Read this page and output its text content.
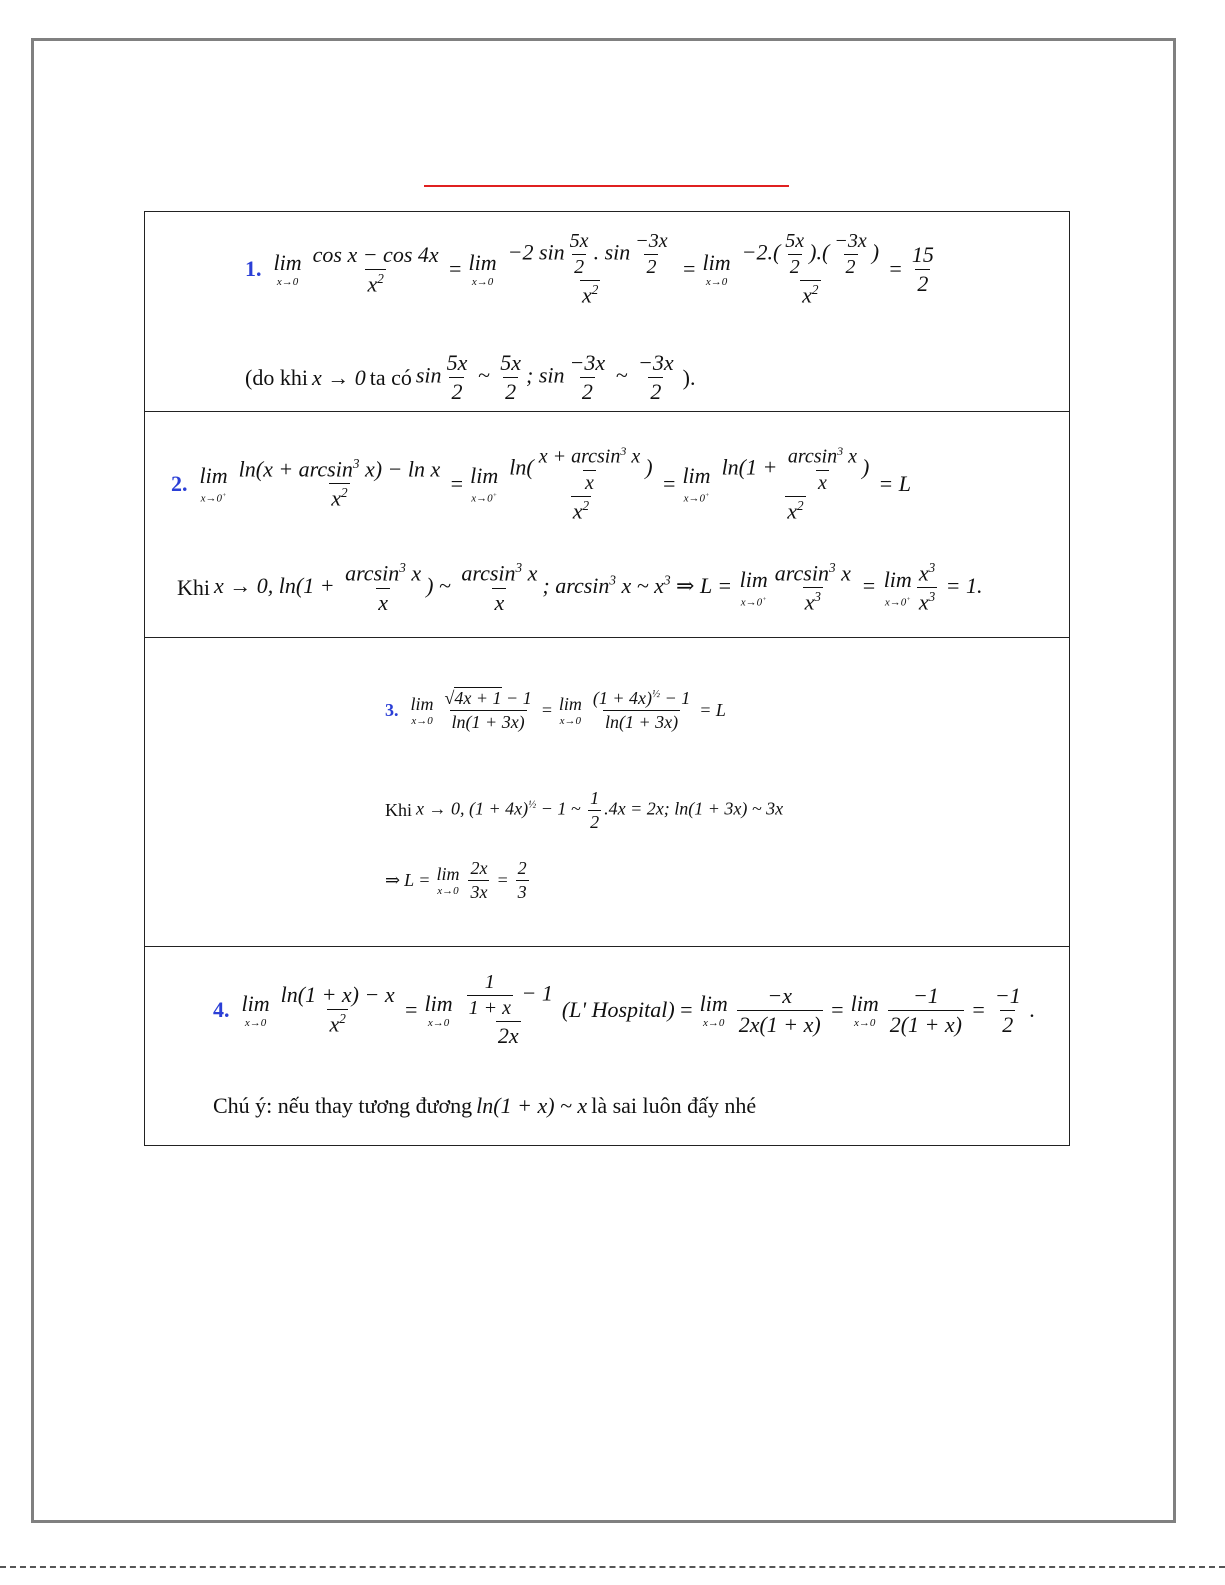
1. lim
$x\to 0 \frac{\text{cos x − cos 4x}}{x^2} = \lim$
$x\to 0 \frac{-2 \sin \frac{5x}{2} . \sin \frac{-3x}{2}}{x^2} = \lim$
$x\to 0 \frac{-2.( \frac{5x}{2} ).( \frac{-3x}{2} )}{x^2} = \frac{15}{2}$
(do khi x → 0 ta có $\sin \frac{5x}{2}$ ~ $\frac{5x}{2}$ ; $\sin \frac{-3x}{2}$ ~ $\frac{-3x}{2}$ ).
2. lim
$x\to 0^+ \frac{\ln(x + \arcsin^3 x) - \ln x}{x^2} = \lim$
$x\to 0^+ \frac{\ln( \frac{x + \arcsin^3 x}{x} )}{x^2} = \lim$
$x\to 0^+ \frac{\ln(1 + \frac{\arcsin^3 x}{x} )}{x^2} = L$
Khi x → 0, $\ln(1 + \frac{\arcsin^3 x}{x}$ ) ~ $\frac{\arcsin^3 x}{x}$ ; $\arcsin^3 x$ ~ $x^3$ ⇒ L = lim
$x\to 0^+ \frac{\arcsin^3 x}{x^3} = \lim$
$x\to 0^+ \frac{x^3}{x^3} = 1$.
3. lim
$x\to 0 \frac{√4x + 1 - 1}{\ln(1 + 3x)} = \lim$
$x\to 0 \frac{(1 + 4x)^{\frac{1}{2}} - 1}{\ln(1 + 3x)} = L$
Khi x → 0, $(1 + 4x)^{\frac{1}{2}} - 1$ ~ $\frac{1}{2} .4x = 2x$; ln(1 + 3x) ~ 3x
⇒ L = lim
$x\to 0 \frac{2x}{3x} = \frac{2}{3}$
4. lim
$x\to 0 \frac{\ln(1 + x) - x}{x^2} = \lim$
x→0
$\frac{1}{1 + x} - 1$
2x
(L' Hospital) = lim
$x\to 0 \frac{-x}{2x(1 + x)} = \lim$
$x\to 0 \frac{-1}{2(1 + x)} = \frac{-1}{2}$ .
Chú ý: nếu thay tương đương ln(1 + x) ~ x là sai luôn đấy nhé
